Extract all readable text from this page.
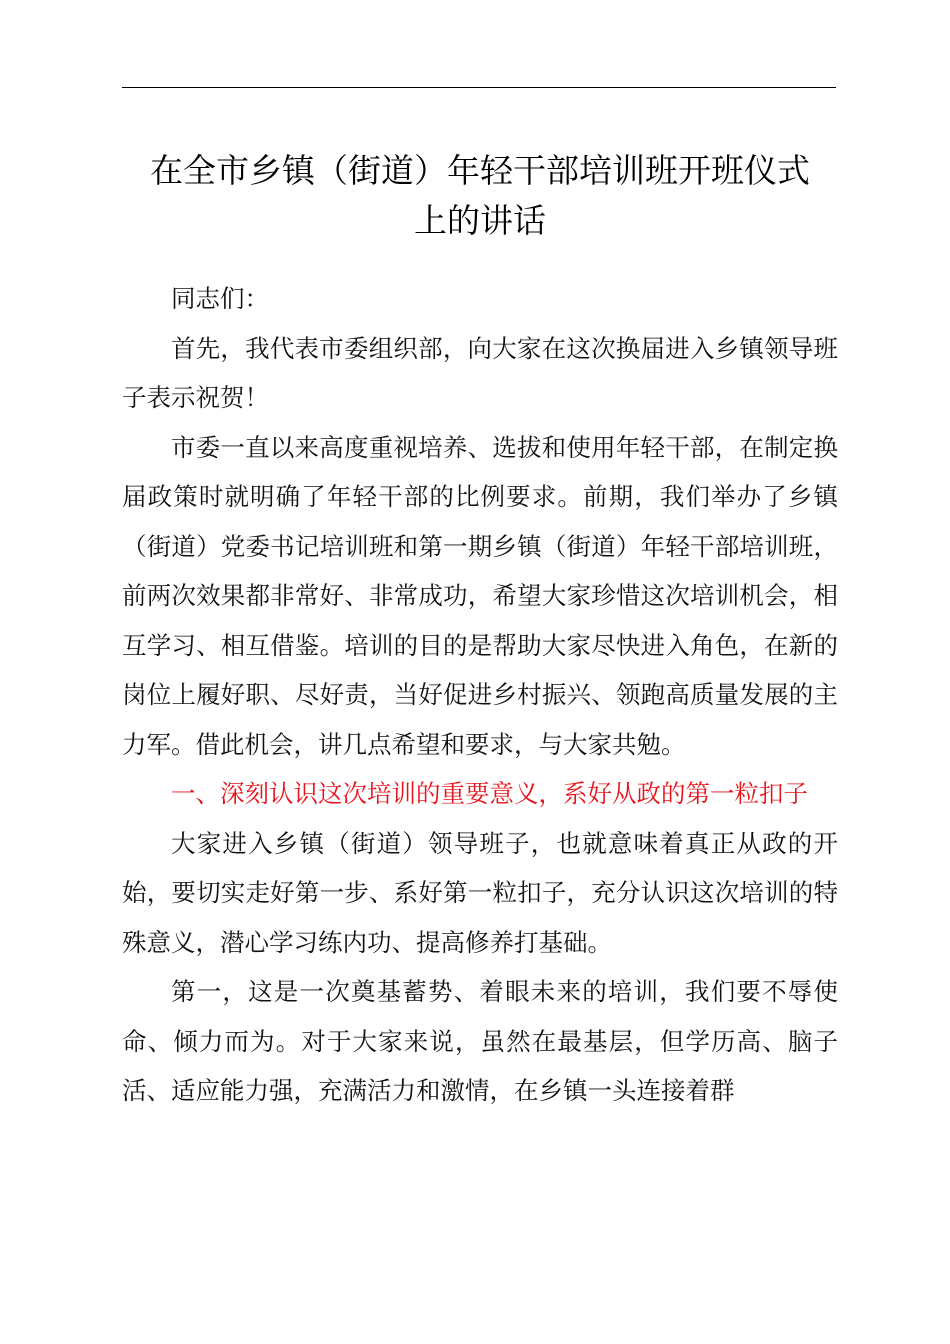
在全市乡镇（街道）年轻干部培训班开班仪式
上的讲话

同志们：

首先，我代表市委组织部，向大家在这次换届进入乡镇领导班子表示祝贺！

市委一直以来高度重视培养、选拔和使用年轻干部，在制定换届政策时就明确了年轻干部的比例要求。前期，我们举办了乡镇（街道）党委书记培训班和第一期乡镇（街道）年轻干部培训班，前两次效果都非常好、非常成功，希望大家珍惜这次培训机会，相互学习、相互借鉴。培训的目的是帮助大家尽快进入角色，在新的岗位上履好职、尽好责，当好促进乡村振兴、领跑高质量发展的主力军。借此机会，讲几点希望和要求，与大家共勉。

一、深刻认识这次培训的重要意义，系好从政的第一粒扣子

大家进入乡镇（街道）领导班子，也就意味着真正从政的开始，要切实走好第一步、系好第一粒扣子，充分认识这次培训的特殊意义，潜心学习练内功、提高修养打基础。

第一，这是一次奠基蓄势、着眼未来的培训，我们要不辱使命、倾力而为。对于大家来说，虽然在最基层，但学历高、脑子活、适应能力强，充满活力和激情，在乡镇一头连接着群
